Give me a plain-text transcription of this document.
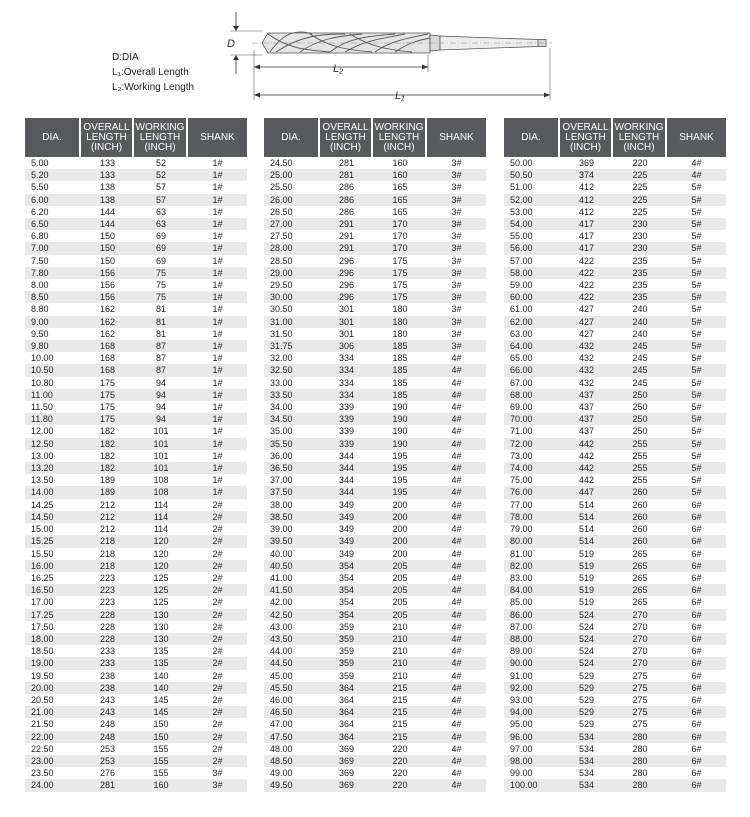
D
L₂
L₁
D:DIA
L₁:Overall Length
L₂:Working Length
DIA.	OVERALL
LENGTH
(INCH)	WORKING
LENGTH
(INCH)	SHANK
5.00	133	52	1#
5.20	133	52	1#
5.50	138	57	1#
6.00	138	57	1#
6.20	144	63	1#
6.50	144	63	1#
6.80	150	69	1#
7.00	150	69	1#
7.50	150	69	1#
7.80	156	75	1#
8.00	156	75	1#
8.50	156	75	1#
8.80	162	81	1#
9.00	162	81	1#
9.50	162	81	1#
9.80	168	87	1#
10.00	168	87	1#
10.50	168	87	1#
10.80	175	94	1#
11.00	175	94	1#
11.50	175	94	1#
11.80	175	94	1#
12.00	182	101	1#
12.50	182	101	1#
13.00	182	101	1#
13.20	182	101	1#
13.50	189	108	1#
14.00	189	108	1#
14.25	212	114	2#
14.50	212	114	2#
15.00	212	114	2#
15.25	218	120	2#
15.50	218	120	2#
16.00	218	120	2#
16.25	223	125	2#
16.50	223	125	2#
17.00	223	125	2#
17.25	228	130	2#
17.50	228	130	2#
18.00	228	130	2#
18.50	233	135	2#
19.00	233	135	2#
19.50	238	140	2#
20.00	238	140	2#
20.50	243	145	2#
21.00	243	145	2#
21.50	248	150	2#
22.00	248	150	2#
22.50	253	155	2#
23.00	253	155	2#
23.50	276	155	3#
24.00	281	160	3#
DIA.	OVERALL
LENGTH
(INCH)	WORKING
LENGTH
(INCH)	SHANK
24.50	281	160	3#
25.00	281	160	3#
25.50	286	165	3#
26.00	286	165	3#
26.50	286	165	3#
27.00	291	170	3#
27.50	291	170	3#
28.00	291	170	3#
28.50	296	175	3#
29.00	296	175	3#
29.50	296	175	3#
30.00	296	175	3#
30.50	301	180	3#
31.00	301	180	3#
31.50	301	180	3#
31.75	306	185	3#
32.00	334	185	4#
32.50	334	185	4#
33.00	334	185	4#
33.50	334	185	4#
34.00	339	190	4#
34.50	339	190	4#
35.00	339	190	4#
35.50	339	190	4#
36.00	344	195	4#
36.50	344	195	4#
37.00	344	195	4#
37.50	344	195	4#
38.00	349	200	4#
38.50	349	200	4#
39.00	349	200	4#
39.50	349	200	4#
40.00	349	200	4#
40.50	354	205	4#
41.00	354	205	4#
41.50	354	205	4#
42.00	354	205	4#
42.50	354	205	4#
43.00	359	210	4#
43.50	359	210	4#
44.00	359	210	4#
44.50	359	210	4#
45.00	359	210	4#
45.50	364	215	4#
46.00	364	215	4#
46.50	364	215	4#
47.00	364	215	4#
47.50	364	215	4#
48.00	369	220	4#
48.50	369	220	4#
49.00	369	220	4#
49.50	369	220	4#
DIA.	OVERALL
LENGTH
(INCH)	WORKING
LENGTH
(INCH)	SHANK
50.00	369	220	4#
50.50	374	225	4#
51.00	412	225	5#
52.00	412	225	5#
53.00	412	225	5#
54.00	417	230	5#
55.00	417	230	5#
56.00	417	230	5#
57.00	422	235	5#
58.00	422	235	5#
59.00	422	235	5#
60.00	422	235	5#
61.00	427	240	5#
62.00	427	240	5#
63.00	427	240	5#
64.00	432	245	5#
65.00	432	245	5#
66.00	432	245	5#
67.00	432	245	5#
68.00	437	250	5#
69.00	437	250	5#
70.00	437	250	5#
71.00	437	250	5#
72.00	442	255	5#
73.00	442	255	5#
74.00	442	255	5#
75.00	442	255	5#
76.00	447	260	5#
77.00	514	260	6#
78.00	514	260	6#
79.00	514	260	6#
80.00	514	260	6#
81.00	519	265	6#
82.00	519	265	6#
83.00	519	265	6#
84.00	519	265	6#
85.00	519	265	6#
86.00	524	270	6#
87.00	524	270	6#
88.00	524	270	6#
89.00	524	270	6#
90.00	524	270	6#
91.00	529	275	6#
92.00	529	275	6#
93.00	529	275	6#
94.00	529	275	6#
95.00	529	275	6#
96.00	534	280	6#
97.00	534	280	6#
98.00	534	280	6#
99.00	534	280	6#
100.00	534	280	6#
